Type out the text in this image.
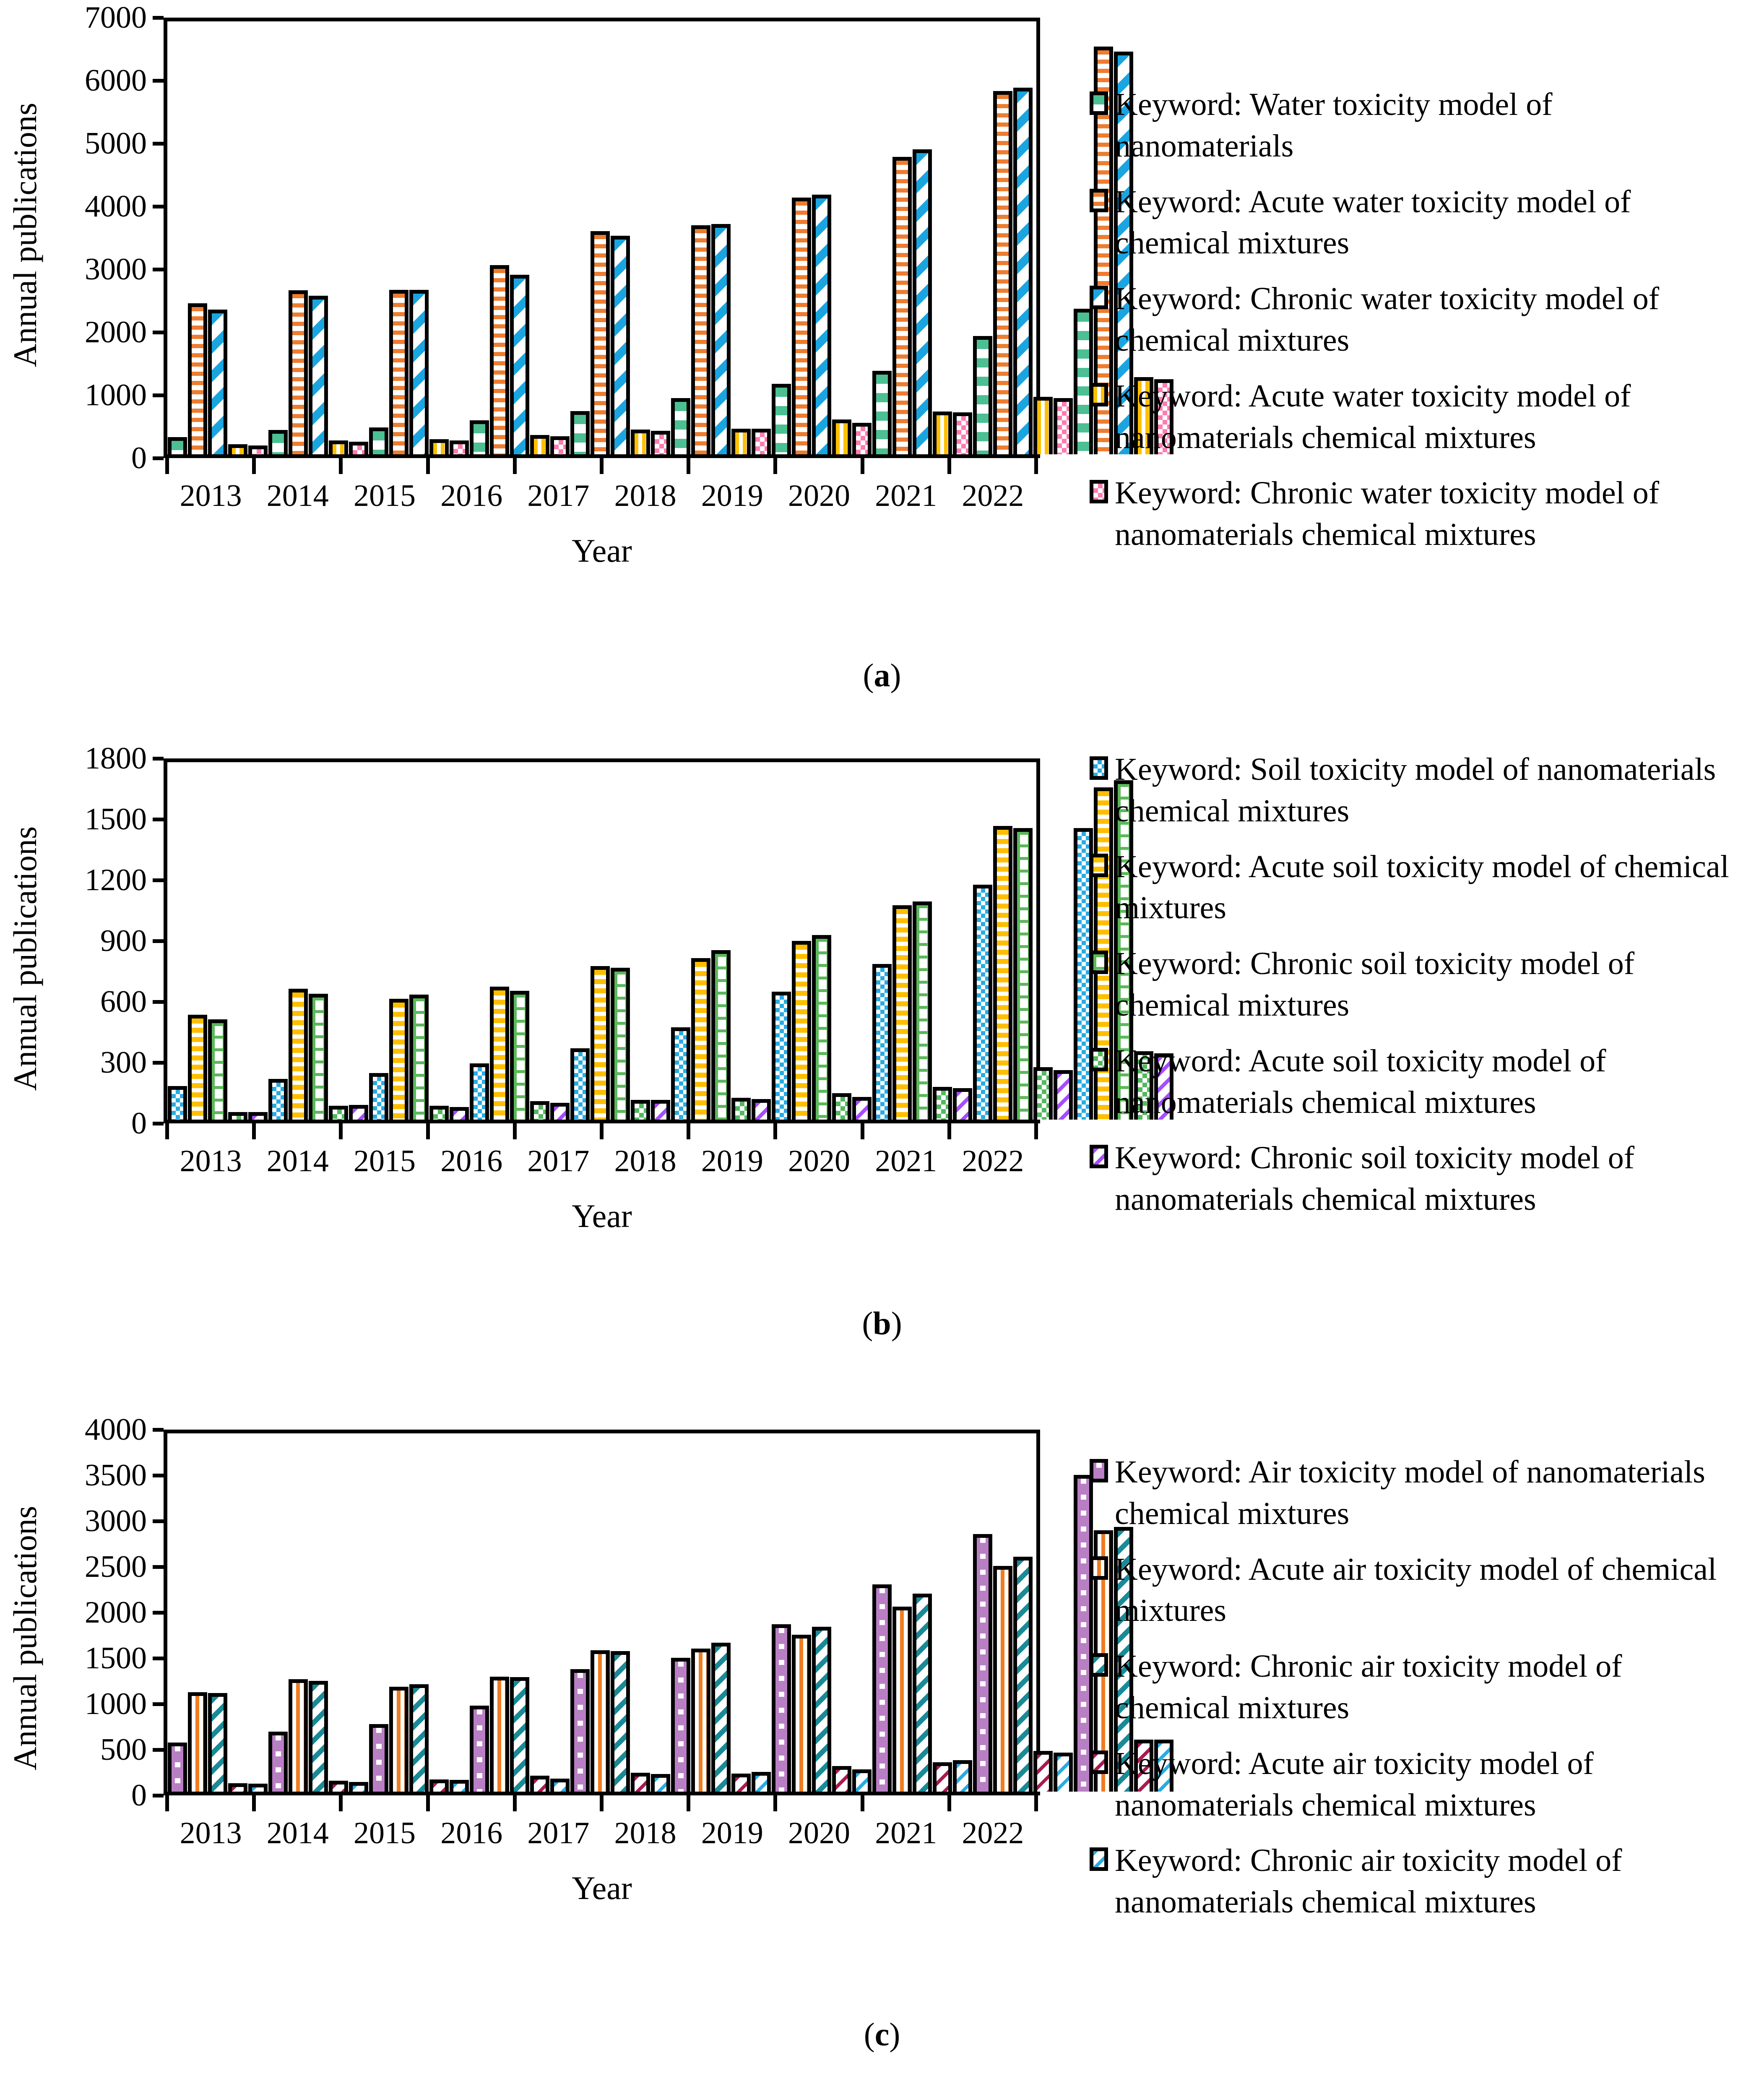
Annual publications
7000
6000
5000
4000
3000
2000
1000
0
2013 2014 2015 2016 2017 2018 2019 2020 2021 2022
Year
Keyword: Water toxicity model of nanomaterials
Keyword: Acute water toxicity model of chemical mixtures
Keyword: Chronic water toxicity model of chemical mixtures
Keyword: Acute water toxicity model of nanomaterials chemical mixtures
Keyword: Chronic water toxicity model of nanomaterials chemical mixtures
(a)
Annual publications
1800
1500
1200
900
600
300
0
2013 2014 2015 2016 2017 2018 2019 2020 2021 2022
Year
Keyword: Soil toxicity model of nanomaterials chemical mixtures
Keyword: Acute soil toxicity model of chemical mixtures
Keyword: Chronic soil toxicity model of chemical mixtures
Keyword: Acute soil toxicity model of nanomaterials chemical mixtures
Keyword: Chronic soil toxicity model of nanomaterials chemical mixtures
(b)
Annual publications
4000
3500
3000
2500
2000
1500
1000
500
0
2013 2014 2015 2016 2017 2018 2019 2020 2021 2022
Year
Keyword: Air toxicity model of nanomaterials chemical mixtures
Keyword: Acute air toxicity model of chemical mixtures
Keyword: Chronic air toxicity model of chemical mixtures
Keyword: Acute air toxicity model of nanomaterials chemical mixtures
Keyword: Chronic air toxicity model of nanomaterials chemical mixtures
(c)
